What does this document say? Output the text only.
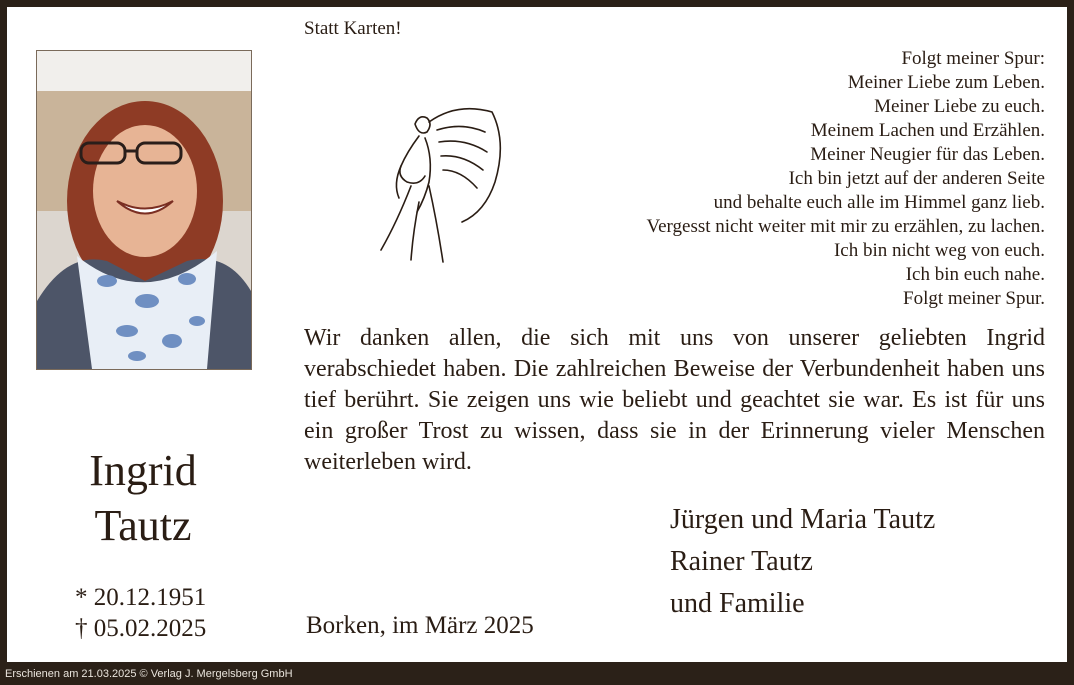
Statt Karten!
Folgt meiner Spur:
Meiner Liebe zum Leben.
Meiner Liebe zu euch.
Meinem Lachen und Erzählen.
Meiner Neugier für das Leben.
Ich bin jetzt auf der anderen Seite
und behalte euch alle im Himmel ganz lieb.
Vergesst nicht weiter mit mir zu erzählen, zu lachen.
Ich bin nicht weg von euch.
Ich bin euch nahe.
Folgt meiner Spur.
Wir danken allen, die sich mit uns von unserer geliebten Ingrid verabschiedet haben. Die zahlreichen Beweise der Verbundenheit haben uns tief berührt. Sie zeigen uns wie beliebt und geachtet sie war. Es ist für uns ein großer Trost zu wissen, dass sie in der Erinnerung vieler Menschen weiterleben wird.
Jürgen und Maria Tautz
Rainer Tautz
und Familie
Borken, im März 2025
Ingrid
Tautz
* 20.12.1951
† 05.02.2025
Erschienen am 21.03.2025 © Verlag J. Mergelsberg GmbH
